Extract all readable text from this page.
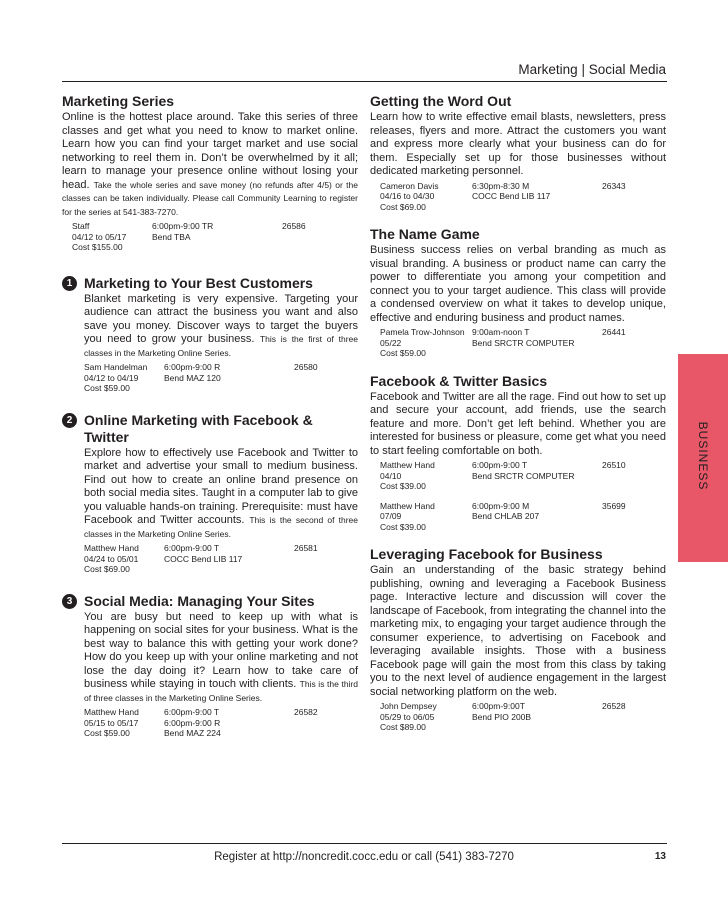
Marketing | Social Media
Marketing Series

Online is the hottest place around. Take this series of three classes and get what you need to know to market online. Learn how you can find your target market and use social networking to reel them in. Don’t be overwhelmed by it all; learn to manage your presence online without losing your head. Take the whole series and save money (no refunds after 4/5) or the classes can be taken individually. Please call Community Learning to register for the series at 541-383-7270.

Staff	6:00pm-9:00 TR	26586
04/12 to 05/17	Bend TBA
Cost $155.00
1 Marketing to Your Best Customers

Blanket marketing is very expensive. Targeting your audience can attract the business you want and also save you money. Discover ways to target the buyers you need to grow your business. This is the first of three classes in the Marketing Online Series.

Sam Handelman	6:00pm-9:00 R	26580
04/12 to 04/19	Bend MAZ 120
Cost $59.00
2 Online Marketing with Facebook & Twitter

Explore how to effectively use Facebook and Twitter to market and advertise your small to medium business. Find out how to create an online brand presence on both social media sites. Taught in a computer lab to give you valuable hands-on training. Prerequisite: must have Facebook and Twitter accounts. This is the second of three classes in the Marketing Online Series.

Matthew Hand	6:00pm-9:00 T	26581
04/24 to 05/01	COCC Bend LIB 117
Cost $69.00
3 Social Media: Managing Your Sites

You are busy but need to keep up with what is happening on social sites for your business. What is the best way to balance this with getting your work done? How do you keep up with your online marketing and not lose the day doing it? Learn how to take care of business while staying in touch with clients. This is the third of three classes in the Marketing Online Series.

Matthew Hand	6:00pm-9:00 T	26582
05/15 to 05/17	6:00pm-9:00 R
Cost $59.00	Bend MAZ 224
Getting the Word Out

Learn how to write effective email blasts, newsletters, press releases, flyers and more. Attract the customers you want and express more clearly what your business can do for them. Especially set up for those businesses without dedicated marketing personnel.

Cameron Davis	6:30pm-8:30 M	26343
04/16 to 04/30	COCC Bend LIB 117
Cost $69.00
The Name Game

Business success relies on verbal branding as much as visual branding. A business or product name can carry the power to differentiate you among your competition and connect you to your target audience. This class will provide a condensed overview on what it takes to develop unique, effective and enduring business and product names.

Pamela Trow-Johnson 9:00am-noon T	26441
05/22	Bend SRCTR COMPUTER
Cost $59.00
Facebook & Twitter Basics

Facebook and Twitter are all the rage. Find out how to set up and secure your account, add friends, use the search feature and more. Don’t get left behind. Whether you are interested for business or pleasure, come get what you need to start feeling comfortable on both.

Matthew Hand	6:00pm-9:00 T	26510
04/10	Bend SRCTR COMPUTER
Cost $39.00
Matthew Hand	6:00pm-9:00 M	35699
07/09	Bend CHLAB 207
Cost $39.00
Leveraging Facebook for Business

Gain an understanding of the basic strategy behind publishing, owning and leveraging a Facebook Business page. Interactive lecture and discussion will cover the landscape of Facebook, from integrating the channel into the marketing mix, to engaging your target audience through the consumer experience, to advertising on Facebook and leveraging available insights. Those with a business Facebook page will gain the most from this class by taking you to the next level of audience engagement in the largest social networking platform on the web.

John Dempsey	6:00pm-9:00T	26528
05/29 to 06/05	Bend PIO 200B
Cost $89.00
BUSINESS
Register at http://noncredit.cocc.edu or call (541) 383-7270	13
